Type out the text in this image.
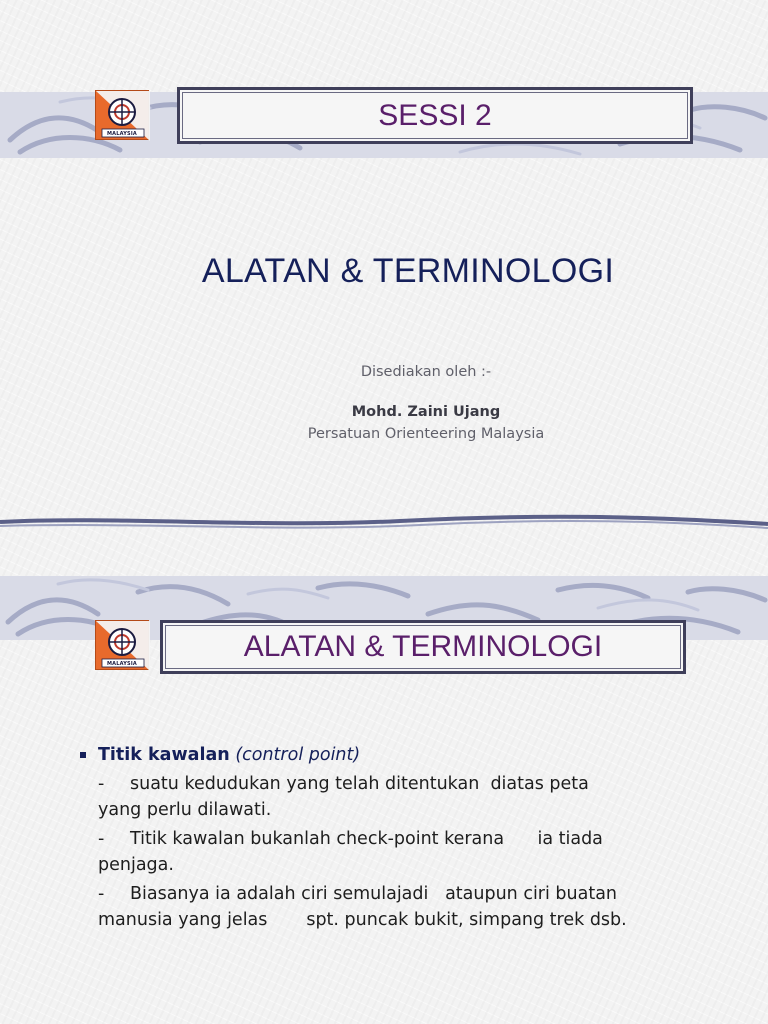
MALAYSIA
SESSI 2
ALATAN & TERMINOLOGI
Disediakan oleh :-
Mohd. Zaini Ujang
Persatuan Orienteering Malaysia
MALAYSIA
ALATAN & TERMINOLOGI
Titik kawalan (control point)
- suatu kedudukan yang telah ditentukan  diatas peta
yang perlu dilawati.
- Titik kawalan bukanlah check-point kerana      ia tiada
penjaga.
- Biasanya ia adalah ciri semulajadi   ataupun ciri buatan
manusia yang jelas       spt. puncak bukit, simpang trek dsb.
